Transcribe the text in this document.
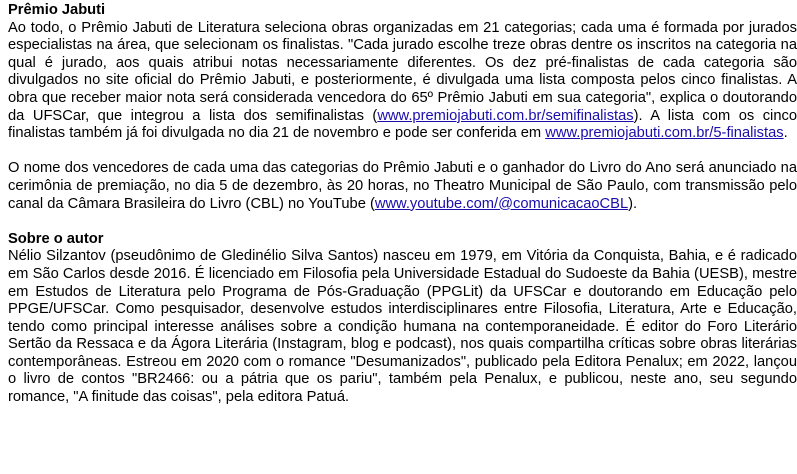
Prêmio Jabuti

Ao todo, o Prêmio Jabuti de Literatura seleciona obras organizadas em 21 categorias; cada uma é formada por jurados especialistas na área, que selecionam os finalistas. "Cada jurado escolhe treze obras dentre os inscritos na categoria na qual é jurado, aos quais atribui notas necessariamente diferentes. Os dez pré-finalistas de cada categoria são divulgados no site oficial do Prêmio Jabuti, e posteriormente, é divulgada uma lista composta pelos cinco finalistas. A obra que receber maior nota será considerada vencedora do 65º Prêmio Jabuti em sua categoria", explica o doutorando da UFSCar, que integrou a lista dos semifinalistas (www.premiojabuti.com.br/semifinalistas). A lista com os cinco finalistas também já foi divulgada no dia 21 de novembro e pode ser conferida em www.premiojabuti.com.br/5-finalistas.

O nome dos vencedores de cada uma das categorias do Prêmio Jabuti e o ganhador do Livro do Ano será anunciado na cerimônia de premiação, no dia 5 de dezembro, às 20 horas, no Theatro Municipal de São Paulo, com transmissão pelo canal da Câmara Brasileira do Livro (CBL) no YouTube (www.youtube.com/@comunicacaoCBL).

Sobre o autor

Nélio Silzantov (pseudônimo de Gledinélio Silva Santos) nasceu em 1979, em Vitória da Conquista, Bahia, e é radicado em São Carlos desde 2016. É licenciado em Filosofia pela Universidade Estadual do Sudoeste da Bahia (UESB), mestre em Estudos de Literatura pelo Programa de Pós-Graduação (PPGLit) da UFSCar e doutorando em Educação pelo PPGE/UFSCar. Como pesquisador, desenvolve estudos interdisciplinares entre Filosofia, Literatura, Arte e Educação, tendo como principal interesse análises sobre a condição humana na contemporaneidade. É editor do Foro Literário Sertão da Ressaca e da Ágora Literária (Instagram, blog e podcast), nos quais compartilha críticas sobre obras literárias contemporâneas. Estreou em 2020 com o romance "Desumanizados", publicado pela Editora Penalux; em 2022, lançou o livro de contos "BR2466: ou a pátria que os pariu", também pela Penalux, e publicou, neste ano, seu segundo romance, "A finitude das coisas", pela editora Patuá.
